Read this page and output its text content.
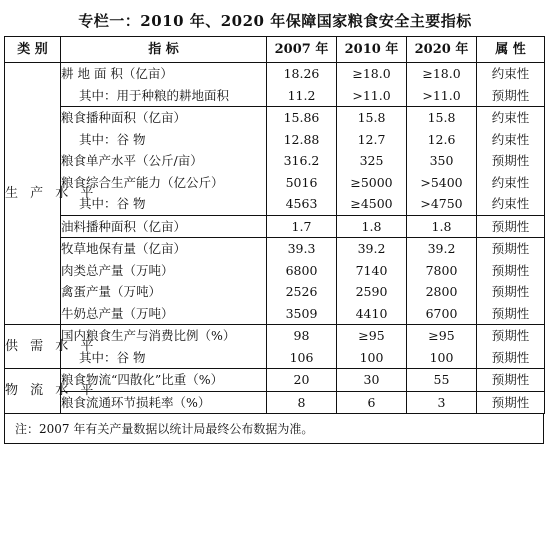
专栏一：2010 年、2020 年保障国家粮食安全主要指标
类 别	指 标	2007 年	2010 年	2020 年	属 性
生 产 水 平	耕 地 面 积（亿亩）	18.26	≥18.0	≥18.0	约束性
	其中：用于种粮的耕地面积	11.2	>11.0	>11.0	预期性
	粮食播种面积（亿亩）	15.86	15.8	15.8	约束性
	其中：谷 物	12.88	12.7	12.6	约束性
	粮食单产水平（公斤/亩）	316.2	325	350	预期性
	粮食综合生产能力（亿公斤）	5016	≥5000	>5400	约束性
	其中：谷 物	4563	≥4500	>4750	约束性
	油料播种面积（亿亩）	1.7	1.8	1.8	预期性
	牧草地保有量（亿亩）	39.3	39.2	39.2	预期性
	肉类总产量（万吨）	6800	7140	7800	预期性
	禽蛋产量（万吨）	2526	2590	2800	预期性
	牛奶总产量（万吨）	3509	4410	6700	预期性
供 需 水 平	国内粮食生产与消费比例（%）	98	≥95	≥95	预期性
	其中：谷 物	106	100	100	预期性
物 流 水 平	粮食物流“四散化”比重（%）	20	30	55	预期性
	粮食流通环节损耗率（%）	8	6	3	预期性
注：2007 年有关产量数据以统计局最终公布数据为准。
